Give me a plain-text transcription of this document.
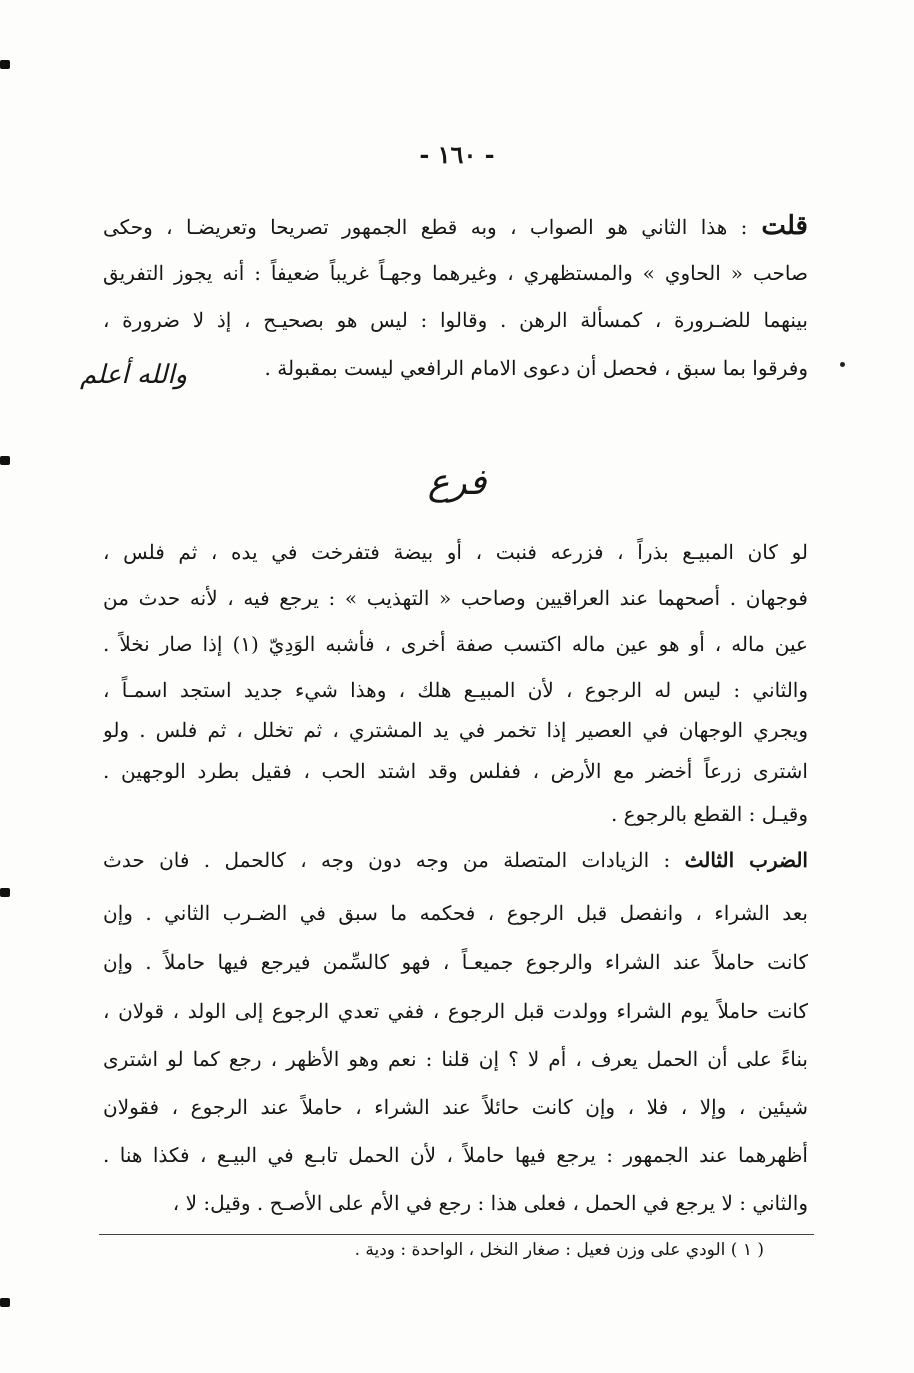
- ١٦٠ -
قلت: هذا الثاني هو الصواب ، وبه قطع الجمهور تصريحا وتعريضـا ، وحكى
صاحب « الحاوي » والمستظهري ، وغيرهما وجهـاً غريباً ضعيفاً : أنه يجوز التفريق
بينهما للضـرورة ، كمسألة الرهن . وقالوا : ليس هو بصحيـح ، إذ لا ضرورة ،
وفرقوا بما سبق ، فحصل أن دعوى الامام الرافعي ليست بمقبولة .
والله أعلم
فرع
لو كان المبيـع بذراً ، فزرعه فنبت ، أو بيضة فتفرخت في يده ، ثم فلس ،
فوجهان . أصحهما عند العراقيين وصاحب « التهذيب » : يرجع فيه ، لأنه حدث من
عين ماله ، أو هو عين ماله اكتسب صفة أخرى ، فأشبه الوَدِيّ (١) إذا صار نخلاً .
والثاني : ليس له الرجوع ، لأن المبيـع هلك ، وهذا شيء جديد استجد اسمـاً ،
ويجري الوجهان في العصير إذا تخمر في يد المشتري ، ثم تخلل ، ثم فلس . ولو
اشترى زرعاً أخضر مع الأرض ، ففلس وقد اشتد الحب ، فقيل بطرد الوجهين .
وقيـل : القطع بالرجوع .
الضرب الثالث : الزيادات المتصلة من وجه دون وجه ، كالحمل . فان حدث
بعد الشراء ، وانفصل قبل الرجوع ، فحكمه ما سبق في الضـرب الثاني . وإن
كانت حاملاً عند الشراء والرجوع جميعـاً ، فهو كالسِّمن فيرجع فيها حاملاً . وإن
كانت حاملاً يوم الشراء وولدت قبل الرجوع ، ففي تعدي الرجوع إلى الولد ، قولان ،
بناءً على أن الحمل يعرف ، أم لا ؟ إن قلنا : نعم وهو الأظهر ، رجع كما لو اشترى
شيئين ، وإلا ، فلا ، وإن كانت حائلاً عند الشراء ، حاملاً عند الرجوع ، فقولان
أظهرهما عند الجمهور : يرجع فيها حاملاً ، لأن الحمل تابـع في البيـع ، فكذا هنا .
والثاني : لا يرجع في الحمل ، فعلى هذا : رجع في الأم على الأصـح . وقيل: لا ،
( ١ ) الودي على وزن فعيل : صغار النخل ، الواحدة : ودية .
